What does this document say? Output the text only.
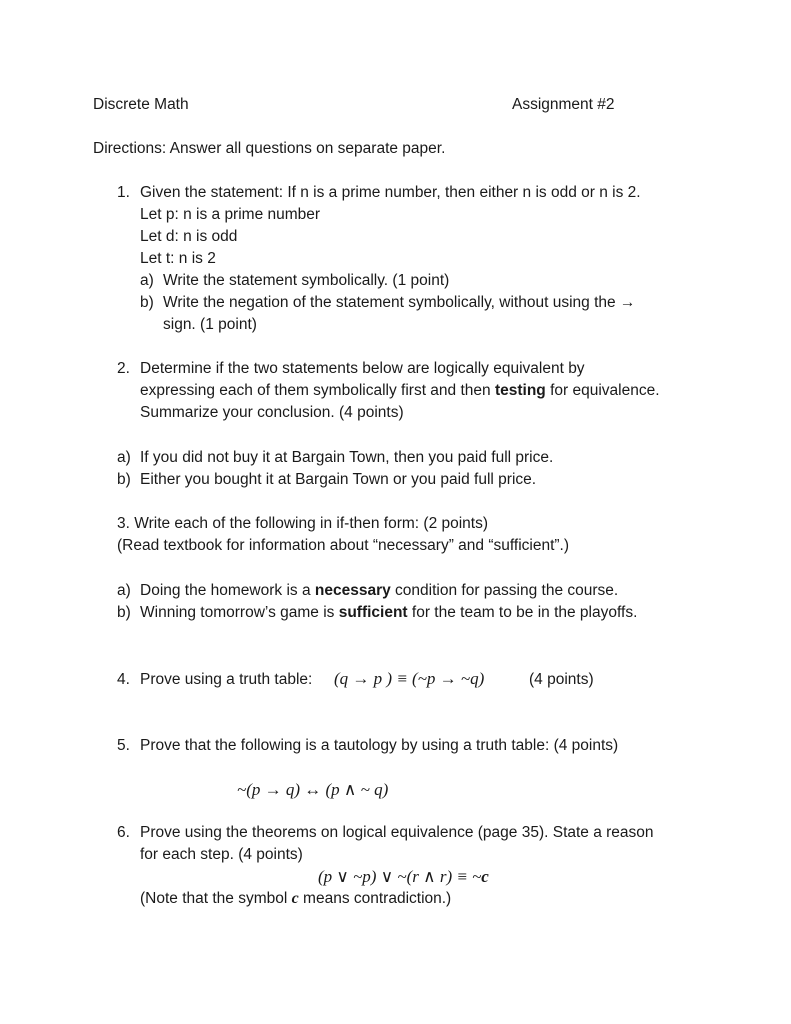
Discrete Math	Assignment #2
Directions: Answer all questions on separate paper.
1. Given the statement: If n is a prime number, then either n is odd or n is 2.
Let p: n is a prime number
Let d: n is odd
Let t: n is 2
a) Write the statement symbolically. (1 point)
b) Write the negation of the statement symbolically, without using the →
sign. (1 point)
2. Determine if the two statements below are logically equivalent by
expressing each of them symbolically first and then testing for equivalence.
Summarize your conclusion. (4 points)
a) If you did not buy it at Bargain Town, then you paid full price.
b) Either you bought it at Bargain Town or you paid full price.
3. Write each of the following in if-then form: (2 points)
(Read textbook for information about “necessary” and “sufficient”.)
a) Doing the homework is a necessary condition for passing the course.
b) Winning tomorrow’s game is sufficient for the team to be in the playoffs.
4. Prove using a truth table: (q → p ) ≡ (~p → ~q)	(4 points)
5. Prove that the following is a tautology by using a truth table: (4 points)
~(p → q) ↔ (p ∧ ~ q)
6. Prove using the theorems on logical equivalence (page 35). State a reason
for each step. (4 points)
(p ∨ ~p) ∨ ~(r ∧ r) ≡ ~c
(Note that the symbol c means contradiction.)
